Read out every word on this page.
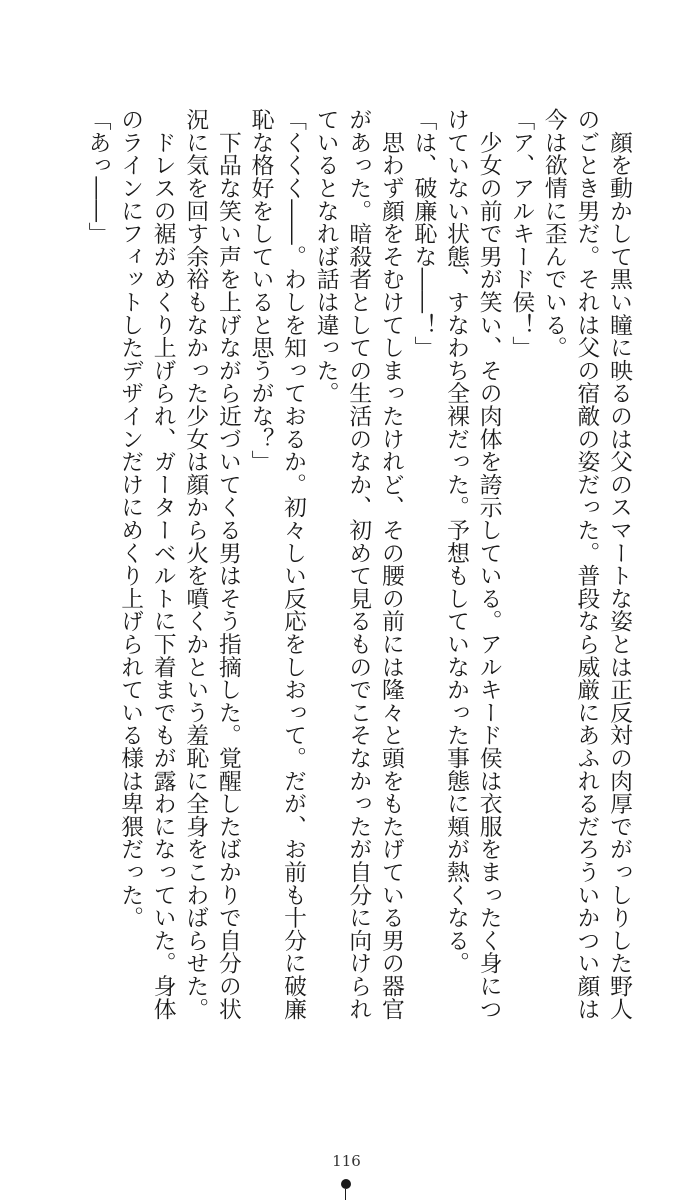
　顔を動かして黒い瞳に映るのは父のスマートな姿とは正反対の肉厚でがっしりした野人
のごとき男だ。それは父の宿敵の姿だった。普段なら威厳にあふれるだろういかつい顔は
今は欲情に歪んでいる。
「ア、アルキード侯！」
　少女の前で男が笑い、その肉体を誇示している。アルキード侯は衣服をまったく身につ
けていない状態、すなわち全裸だった。予想もしていなかった事態に頬が熱くなる。
「は、破廉恥な――！」
　思わず顔をそむけてしまったけれど、その腰の前には隆々と頭をもたげている男の器官
があった。暗殺者としての生活のなか、初めて見るものでこそなかったが自分に向けられ
ているとなれば話は違った。
「くくく――。わしを知っておるか。初々しい反応をしおって。だが、お前も十分に破廉
恥な格好をしていると思うがな？」
　下品な笑い声を上げながら近づいてくる男はそう指摘した。覚醒したばかりで自分の状
況に気を回す余裕もなかった少女は顔から火を噴くかという羞恥に全身をこわばらせた。
　ドレスの裾がめくり上げられ、ガーターベルトに下着までもが露わになっていた。身体
のラインにフィットしたデザインだけにめくり上げられている様は卑猥だった。
「あっ――」
116
